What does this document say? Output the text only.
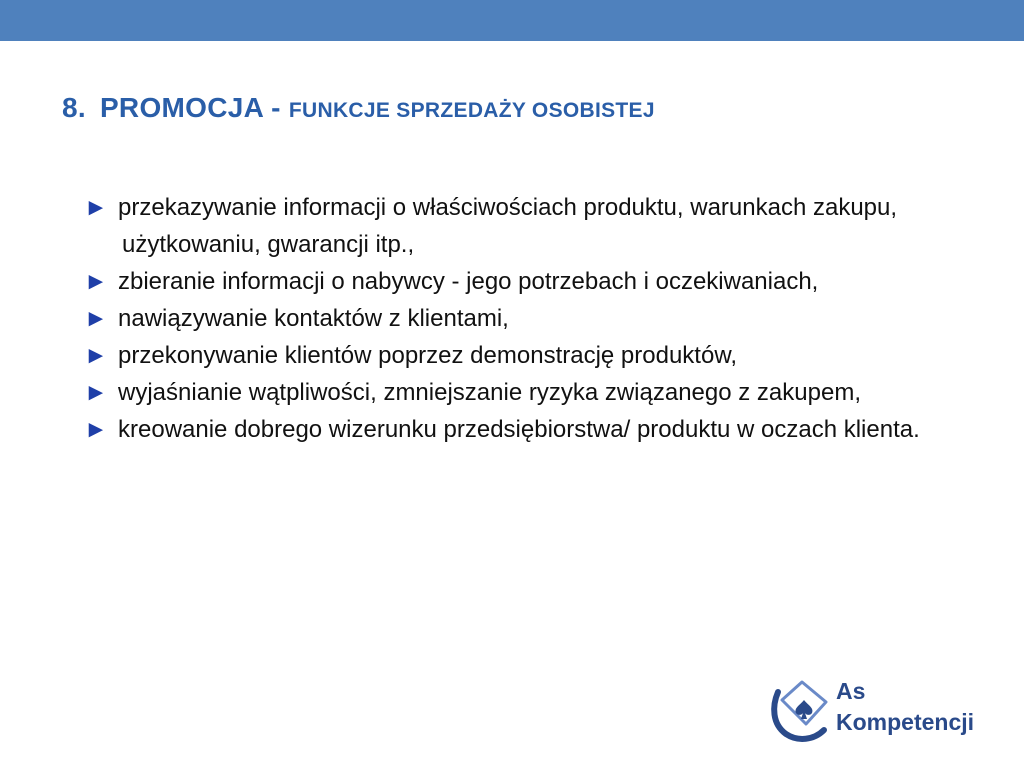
8. PROMOCJA - FUNKCJE SPRZEDAŻY OSOBISTEJ
► przekazywanie informacji o właściwościach produktu, warunkach zakupu, użytkowaniu, gwarancji itp.,
► zbieranie informacji o nabywcy - jego potrzebach i oczekiwaniach,
► nawiązywanie kontaktów z klientami,
► przekonywanie klientów poprzez demonstrację produktów,
► wyjaśnianie wątpliwości, zmniejszanie ryzyka związanego z zakupem,
► kreowanie dobrego wizerunku przedsiębiorstwa/ produktu w oczach klienta.
As
Kompetencji
